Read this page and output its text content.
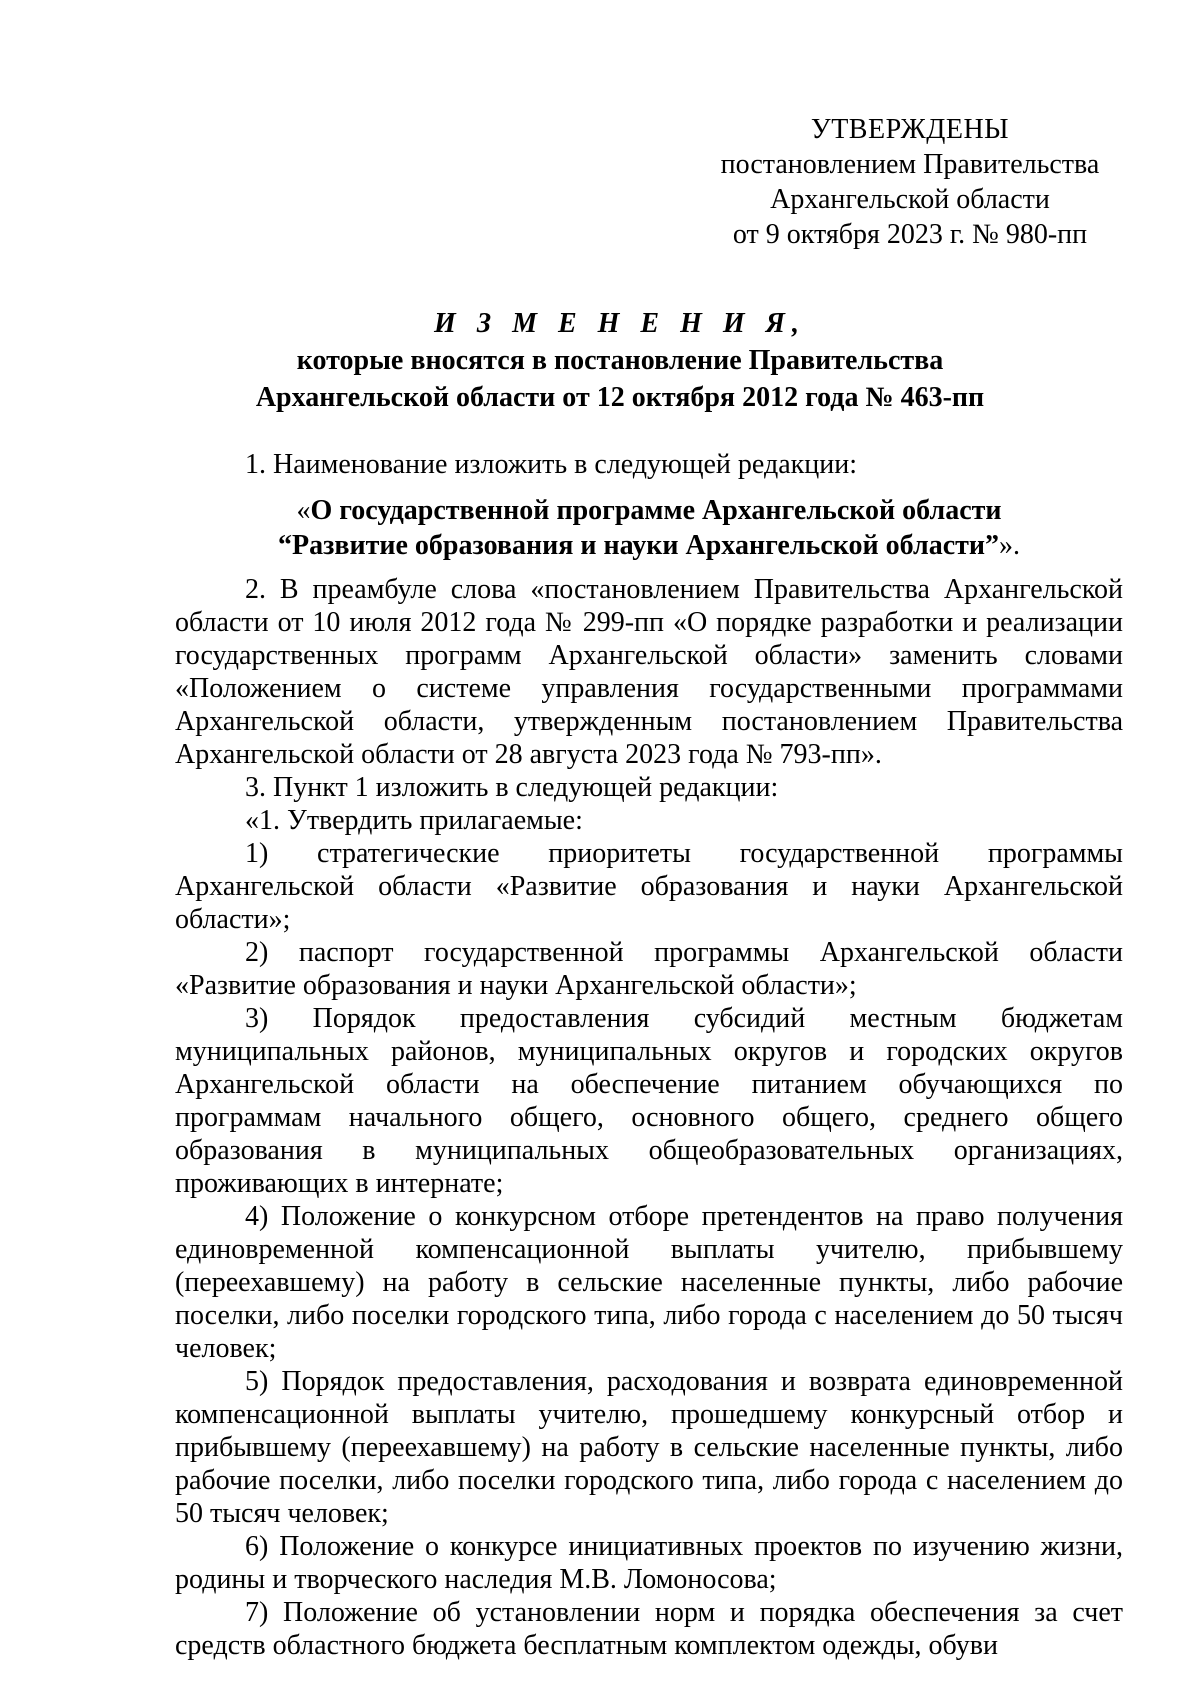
УТВЕРЖДЕНЫ
постановлением Правительства
Архангельской области
от 9 октября 2023 г. № 980-пп
И З М Е Н Е Н И Я,
которые вносятся в постановление Правительства
Архангельской области от 12 октября 2012 года № 463-пп

1. Наименование изложить в следующей редакции:

«О государственной программе Архангельской области
“Развитие образования и науки Архангельской области”».

2. В преамбуле слова «постановлением Правительства Архангельской области от 10 июля 2012 года № 299-пп «О порядке разработки и реализации государственных программ Архангельской области» заменить словами «Положением о системе управления государственными программами Архангельской области, утвержденным постановлением Правительства Архангельской области от 28 августа 2023 года № 793-пп».

3. Пункт 1 изложить в следующей редакции:

«1. Утвердить прилагаемые:

1) стратегические приоритеты государственной программы Архангельской области «Развитие образования и науки Архангельской области»;

2) паспорт государственной программы Архангельской области «Развитие образования и науки Архангельской области»;

3) Порядок предоставления субсидий местным бюджетам муниципальных районов, муниципальных округов и городских округов Архангельской области на обеспечение питанием обучающихся по программам начального общего, основного общего, среднего общего образования в муниципальных общеобразовательных организациях, проживающих в интернате;

4) Положение о конкурсном отборе претендентов на право получения единовременной компенсационной выплаты учителю, прибывшему (переехавшему) на работу в сельские населенные пункты, либо рабочие поселки, либо поселки городского типа, либо города с населением до 50 тысяч человек;

5) Порядок предоставления, расходования и возврата единовременной компенсационной выплаты учителю, прошедшему конкурсный отбор и прибывшему (переехавшему) на работу в сельские населенные пункты, либо рабочие поселки, либо поселки городского типа, либо города с населением до 50 тысяч человек;

6) Положение о конкурсе инициативных проектов по изучению жизни, родины и творческого наследия М.В. Ломоносова;

7) Положение об установлении норм и порядка обеспечения за счет средств областного бюджета бесплатным комплектом одежды, обуви
